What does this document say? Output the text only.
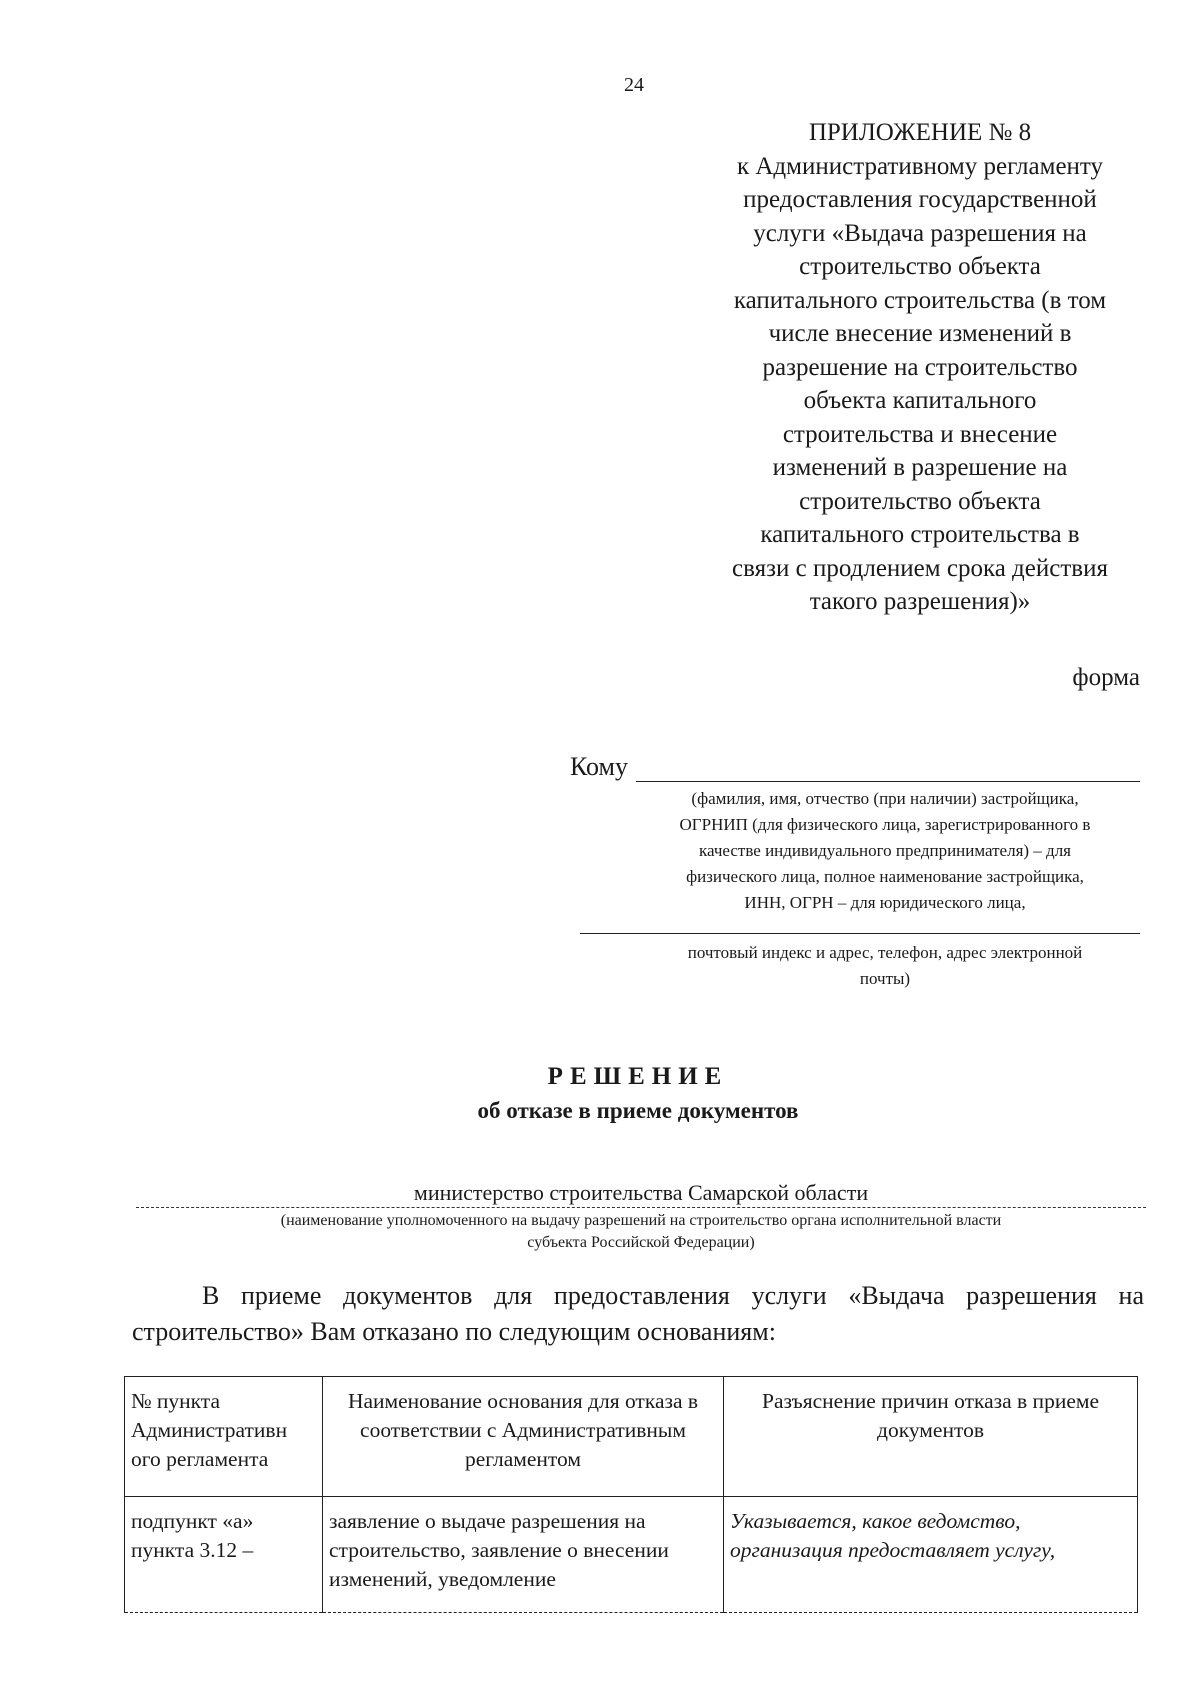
24
ПРИЛОЖЕНИЕ № 8
к Административному регламенту
предоставления государственной
услуги «Выдача разрешения на
строительство объекта
капитального строительства (в том
числе внесение изменений в
разрешение на строительство
объекта капитального
строительства и внесение
изменений в разрешение на
строительство объекта
капитального строительства в
связи с продлением срока действия
такого разрешения)»
форма
Кому
(фамилия, имя, отчество (при наличии) застройщика,
ОГРНИП (для физического лица, зарегистрированного в
качестве индивидуального предпринимателя) – для
физического лица, полное наименование застройщика,
ИНН, ОГРН – для юридического лица,
почтовый индекс и адрес, телефон, адрес электронной
почты)
РЕШЕНИЕ
об отказе в приеме документов
министерство строительства Самарской области
(наименование уполномоченного на выдачу разрешений на строительство органа исполнительной власти
субъекта Российской Федерации)
В приеме документов для предоставления услуги «Выдача разрешения на строительство» Вам отказано по следующим основаниям:
№ пункта Административн ого регламента	Наименование основания для отказа в соответствии с Административным регламентом	Разъяснение причин отказа в приеме документов
подпункт «а» пункта 3.12 –	заявление о выдаче разрешения на строительство, заявление о внесении изменений, уведомление	Указывается, какое ведомство, организация предоставляет услугу,
